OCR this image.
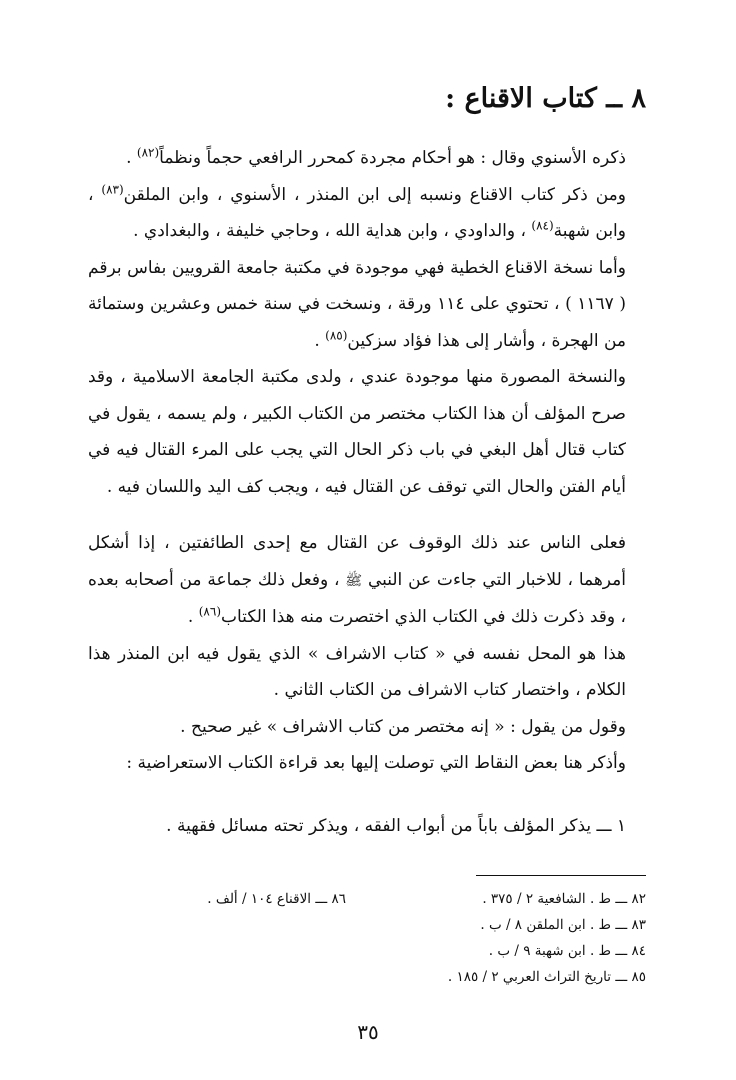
٨ ــ كتاب الاقناع :

ذكره الأسنوي وقال : هو أحكام مجردة كمحرر الرافعي حجماً ونظماً$^{(٨٢)}$ .

ومن ذكر كتاب الاقناع ونسبه إلى ابن المنذر ، الأسنوي ، وابن الملقن$^{(٨٣)}$ ، وابن شهبة$^{(٨٤)}$ ، والداودي ، وابن هداية الله ، وحاجي خليفة ، والبغدادي .

وأما نسخة الاقناع الخطية فهي موجودة في مكتبة جامعة القرويين بفاس برقم ( ١١٦٧ ) ، تحتوي على ١١٤ ورقة ، ونسخت في سنة خمس وعشرين وستمائة من الهجرة ، وأشار إلى هذا فؤاد سزكين$^{(٨٥)}$ .

والنسخة المصورة منها موجودة عندي ، ولدى مكتبة الجامعة الاسلامية ، وقد صرح المؤلف أن هذا الكتاب مختصر من الكتاب الكبير ، ولم يسمه ، يقول في كتاب قتال أهل البغي في باب ذكر الحال التي يجب على المرء القتال فيه في أيام الفتن والحال التي توقف عن القتال فيه ، ويجب كف اليد واللسان فيه .

فعلى الناس عند ذلك الوقوف عن القتال مع إحدى الطائفتين ، إذا أشكل أمرهما ، للاخبار التي جاءت عن النبي ﷺ ، وفعل ذلك جماعة من أصحابه بعده ، وقد ذكرت ذلك في الكتاب الذي اختصرت منه هذا الكتاب$^{(٨٦)}$ .

هذا هو المحل نفسه في « كتاب الاشراف » الذي يقول فيه ابن المنذر هذا الكلام ، واختصار كتاب الاشراف من الكتاب الثاني .

وقول من يقول : « إنه مختصر من كتاب الاشراف » غير صحيح .

وأذكر هنا بعض النقاط التي توصلت إليها بعد قراءة الكتاب الاستعراضية :

١ ـــ يذكر المؤلف باباً من أبواب الفقه ، ويذكر تحته مسائل فقهية .

٨٢ ـــ ط . الشافعية ٢ / ٣٧٥ .

٨٣ ـــ ط . ابن الملقن ٨ / ب .

٨٤ ـــ ط . ابن شهبة ٩ / ب .

٨٥ ـــ تاريخ التراث العربي ٢ / ١٨٥ .

٨٦ ـــ الاقناع ١٠٤ / ألف .

٣٥
